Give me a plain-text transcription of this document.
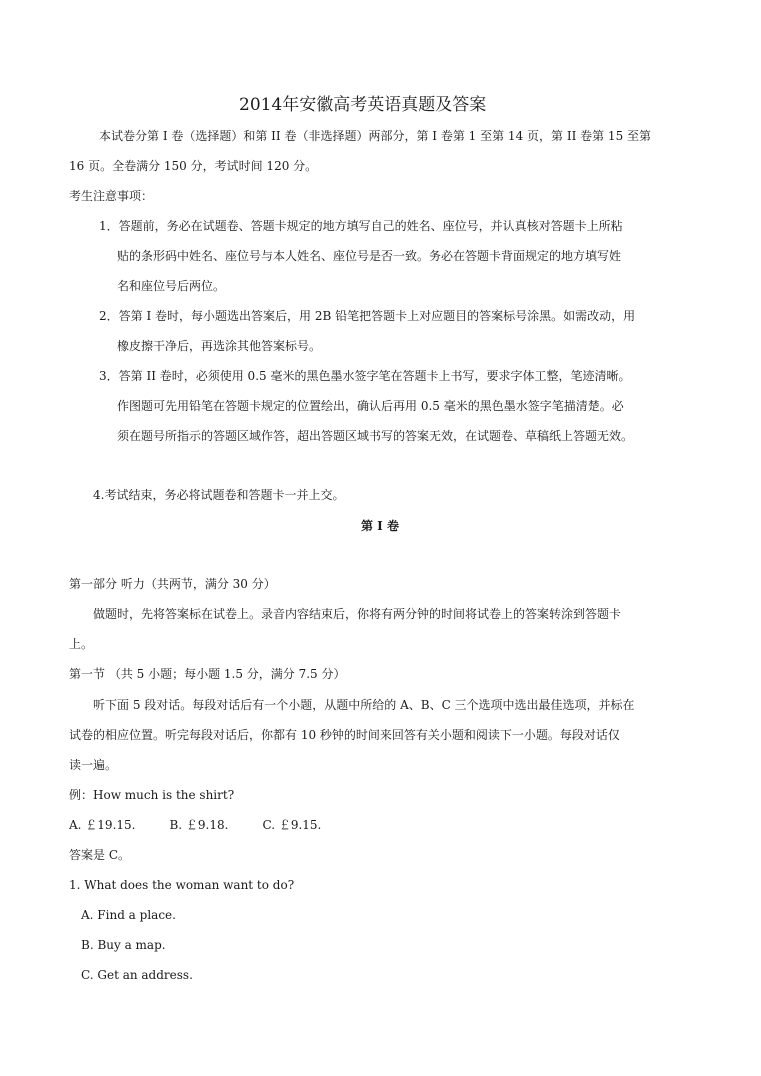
2014年安徽高考英语真题及答案
本试卷分第 I 卷（选择题）和第 II 卷（非选择题）两部分，第 I 卷第 1 至第 14 页，第 II 卷第 15 至第
16 页。全卷满分 150 分，考试时间 120 分。
考生注意事项：
1．答题前，务必在试题卷、答题卡规定的地方填写自己的姓名、座位号，并认真核对答题卡上所粘
贴的条形码中姓名、座位号与本人姓名、座位号是否一致。务必在答题卡背面规定的地方填写姓
名和座位号后两位。
2．答第 I 卷时，每小题选出答案后，用 2B 铅笔把答题卡上对应题目的答案标号涂黑。如需改动，用
橡皮擦干净后，再选涂其他答案标号。
3．答第 II 卷时，必须使用 0.5 毫米的黑色墨水签字笔在答题卡上书写，要求字体工整，笔迹清晰。
作图题可先用铅笔在答题卡规定的位置绘出，确认后再用 0.5 毫米的黑色墨水签字笔描清楚。必
须在题号所指示的答题区域作答，超出答题区域书写的答案无效，在试题卷、草稿纸上答题无效。
4.考试结束，务必将试题卷和答题卡一并上交。
第 I 卷
第一部分 听力（共两节，满分 30 分）
做题时，先将答案标在试卷上。录音内容结束后，你将有两分钟的时间将试卷上的答案转涂到答题卡
上。
第一节 （共 5 小题；每小题 1.5 分，满分 7.5 分）
听下面 5 段对话。每段对话后有一个小题，从题中所给的 A、B、C 三个选项中选出最佳选项，并标在
试卷的相应位置。听完每段对话后，你都有 10 秒钟的时间来回答有关小题和阅读下一小题。每段对话仅
读一遍。
例：How much is the shirt?
A. ￡19.15.	B. ￡9.18.	C. ￡9.15.
答案是 C。
1. What does the woman want to do?
A. Find a place.
B. Buy a map.
C. Get an address.
